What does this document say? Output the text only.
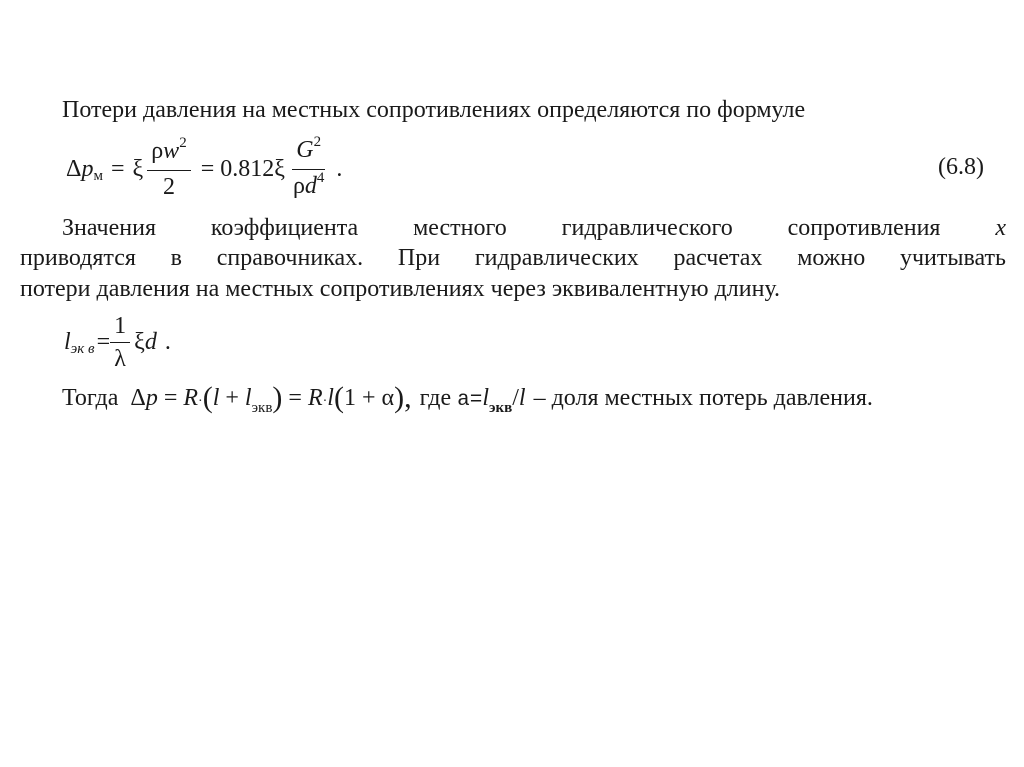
Потери давления на местных сопротивлениях определяются по формуле
Δ p м = ξ $\frac{\rho w^2}{2} = 0.812$ ξ $\frac{G^2}{\rho d^4}$ .	(6.8)
Значения коэффициента местного гидравлического сопротивления x
приводятся в справочниках. При гидравлических расчетах можно учитывать
потери давления на местных сопротивлениях через эквивалентную длину.
l эк $в = \frac{1}{\lambda}$ ξ d .
Тогда Δ p = R · ( l + l экв ) = R · l ( 1 + α ), где a= l экв / l – доля местных потерь давления.
